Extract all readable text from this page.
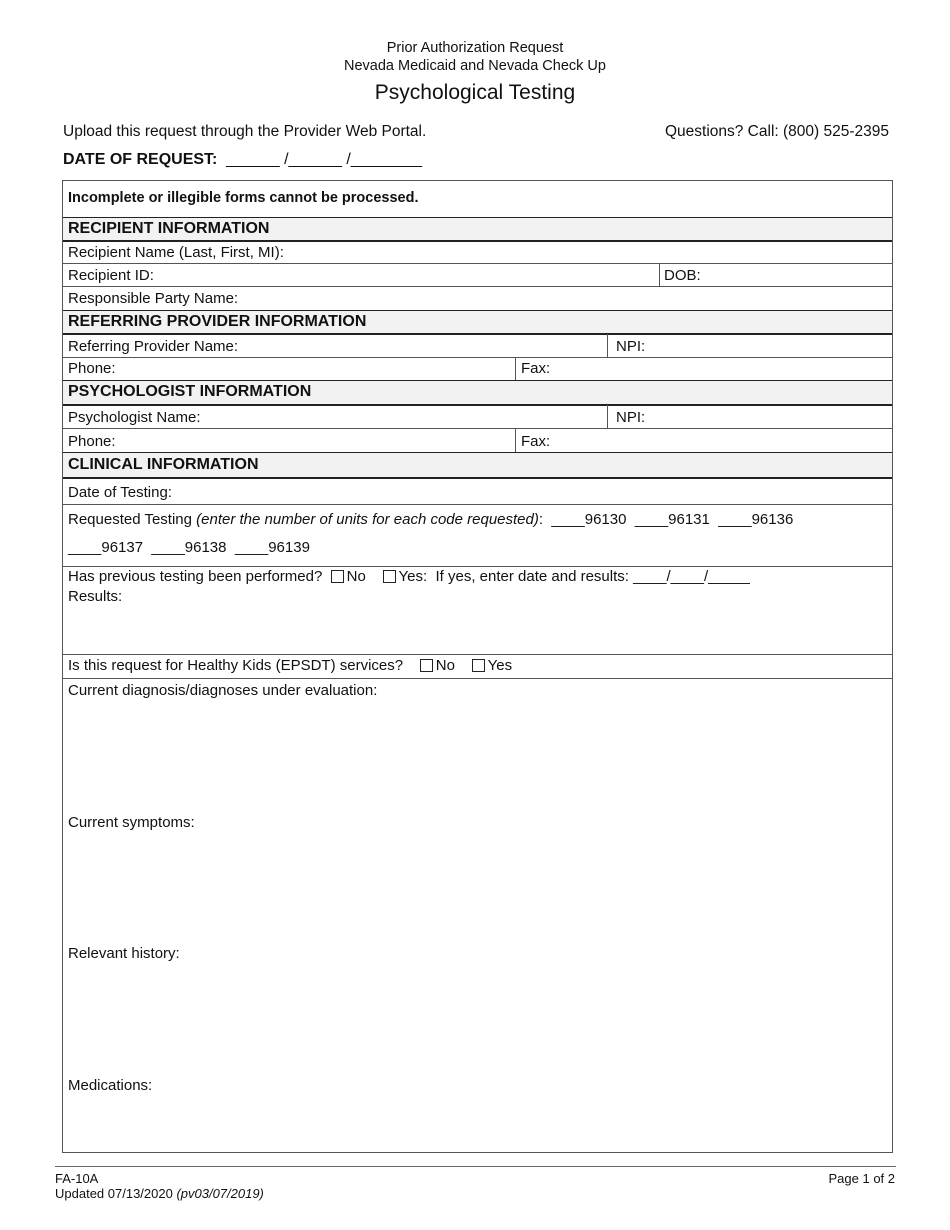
Prior Authorization Request
Nevada Medicaid and Nevada Check Up
Psychological Testing
Upload this request through the Provider Web Portal.	Questions? Call: (800) 525-2395
DATE OF REQUEST: ______ /______ /________
Incomplete or illegible forms cannot be processed.
RECIPIENT INFORMATION
Recipient Name (Last, First, MI):
Recipient ID:	DOB:
Responsible Party Name:
REFERRING PROVIDER INFORMATION
Referring Provider Name:	NPI:
Phone:	Fax:
PSYCHOLOGIST INFORMATION
Psychologist Name:	NPI:
Phone:	Fax:
CLINICAL INFORMATION
Date of Testing:
Requested Testing (enter the number of units for each code requested): ____96130  ____96131  ____96136
____96137  ____96138  ____96139
Has previous testing been performed? No Yes:  If yes, enter date and results: ____/____/_____
Results:
Is this request for Healthy Kids (EPSDT) services? No Yes
Current diagnosis/diagnoses under evaluation:
Current symptoms:
Relevant history:
Medications:
FA-10A
Updated 07/13/2020 (pv03/07/2019)
Page 1 of 2
